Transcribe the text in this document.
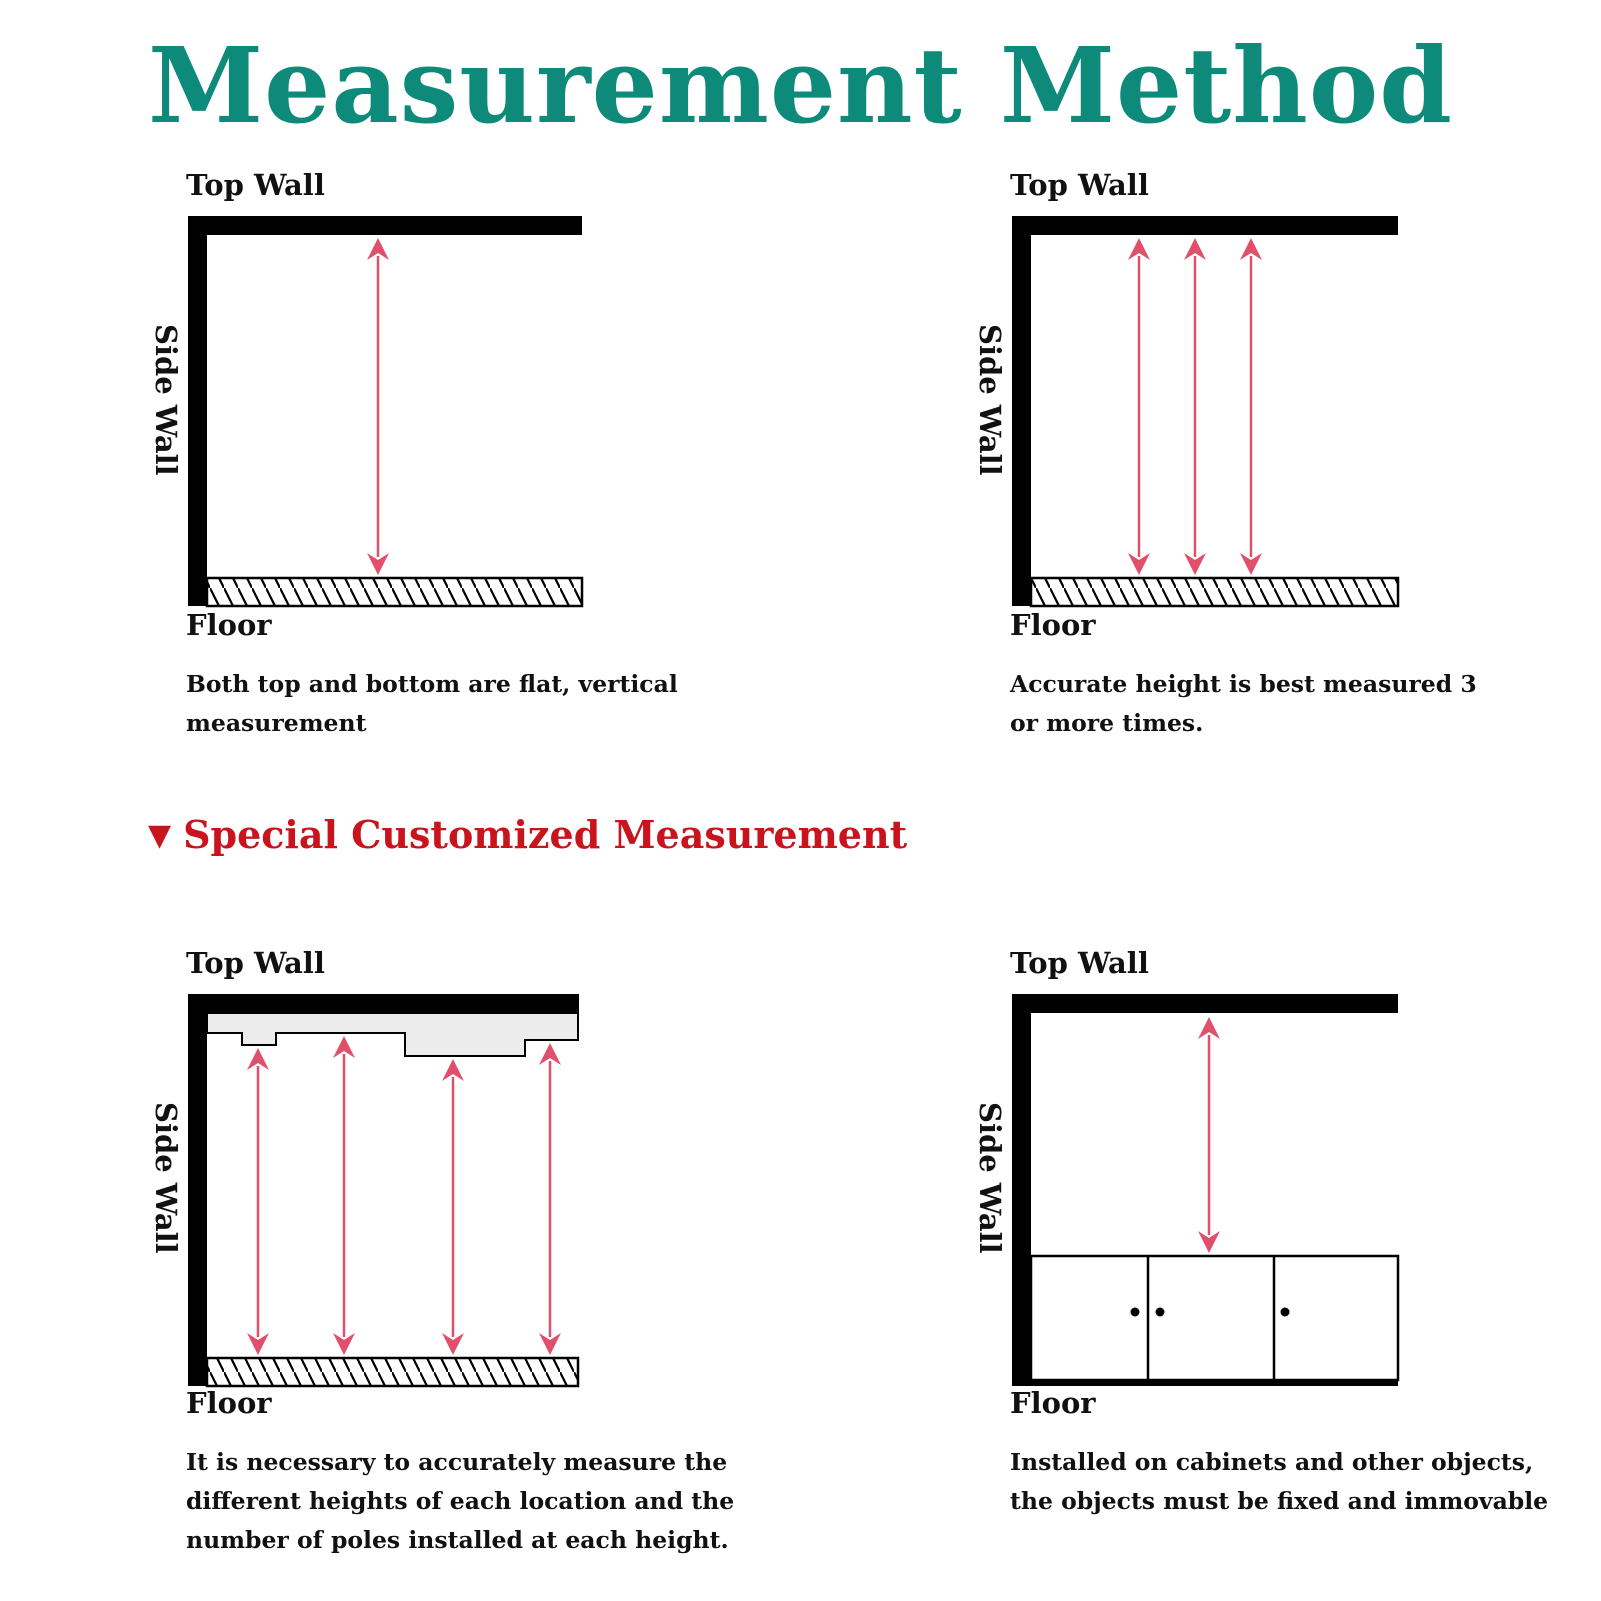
Measurement Method
Top Wall
Side Wall
Floor
Both top and bottom are flat, vertical
measurement
Top Wall
Side Wall
Floor
Accurate height is best measured 3
or more times.
▼ Special Customized Measurement
Top Wall
Side Wall
Floor
It is necessary to accurately measure the
different heights of each location and the
number of poles installed at each height.
Top Wall
Side Wall
Floor
Installed on cabinets and other objects,
the objects must be fixed and immovable
